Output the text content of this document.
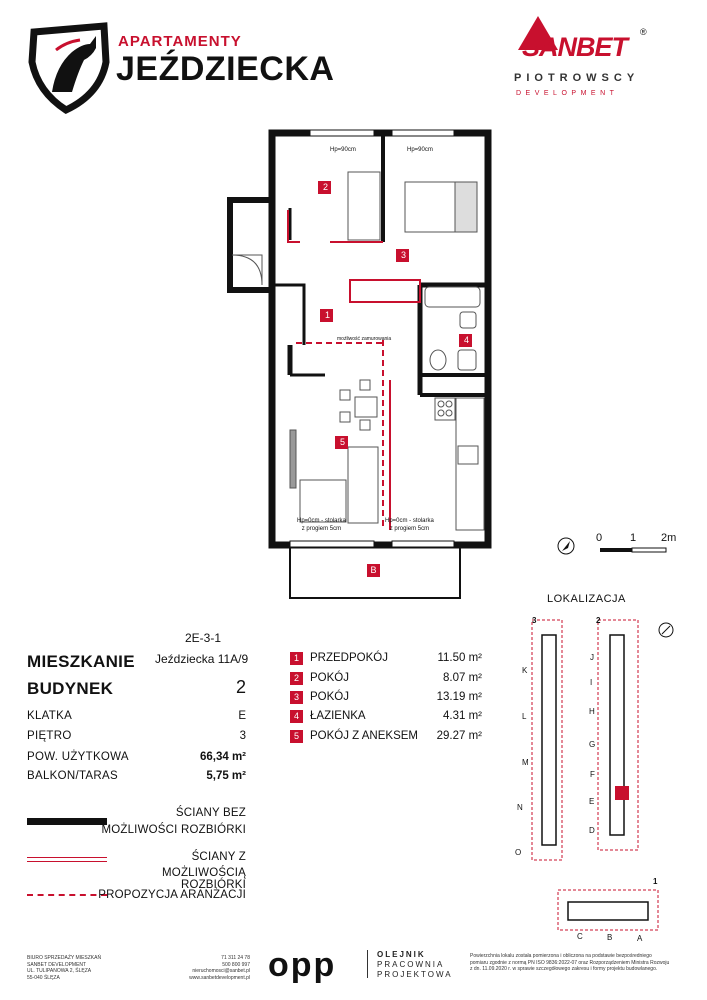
APARTAMENTY
JEŹDZIECKA
SANBET ®
PIOTROWSCY
DEVELOPMENT
2
3
1
4
5
B
Hp=90cm	Hp=90cm
możliwość zamurowania
Hp=0cm - stolarka
z progiem 5cm
Hp=0cm - stolarka
z progiem 5cm
0	1 2m
2E-3-1
MIESZKANIE Jeździecka 11A/9
BUDYNEK	2
KLATKA	E
PIĘTRO	3
POW. UŻYTKOWA	66,34 m²
BALKON/TARAS	5,75 m²
1 PRZEDPOKÓJ	11.50 m²
2 POKÓJ	8.07 m²
3 POKÓJ	13.19 m²
4 ŁAZIENKA	4.31 m²
5 POKÓJ Z ANEKSEM 29.27 m²
ŚCIANY BEZ
MOŻLIWOŚCI ROZBIÓRKI
ŚCIANY Z
MOŻLIWOŚCIĄ ROZBIÓRKI
PROPOZYCJA ARANŻACJI
LOKALIZACJA
3	2
1
K
L
M
N
O
J
I
H
G
F
E
D
C	B	A
BIURO SPRZEDAŻY MIESZKAŃ
SANBET DEVELOPMENT
UL. TULIPANOWA 2, ŚLĘZA
55-040 ŚLĘZA
71 311 24 78
500 800 997
nieruchomosci@sanbet.pl
www.sanbetdevelopment.pl opp	OLEJNIK
PRACOWNIA
PROJEKTOWA
Powierzchnia lokalu została pomierzona i obliczona na podstawie bezpośredniego
pomiaru zgodnie z normą PN ISO 9836:2022-07 oraz Rozporządzeniem Ministra Rozwoju
z dn. 11.09.2020 r. w sprawie szczegółowego zakresu i formy projektu budowlanego.
